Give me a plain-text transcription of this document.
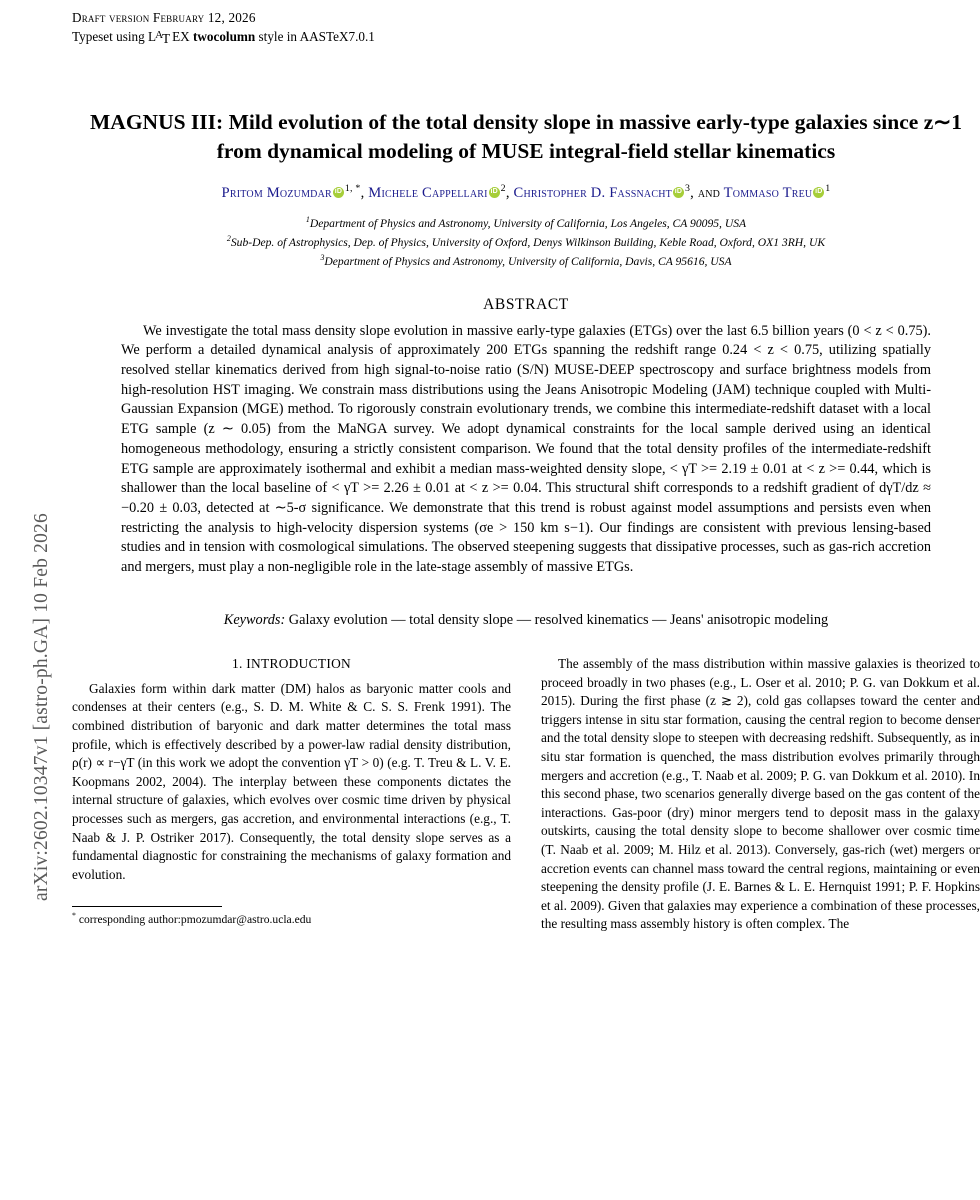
arXiv:2602.10347v1 [astro-ph.GA] 10 Feb 2026
Draft version February 12, 2026
Typeset using $L^AT$ EX twocolumn style in AASTeX7.0.1
MAGNUS III: Mild evolution of the total density slope in massive early-type galaxies since z∼1 from dynamical modeling of MUSE integral-field stellar kinematics
Pritom Mozumdar iD $^{1, *}$, Michele Cappellari iD $^2$, Christopher D. Fassnacht iD $^3$, and Tommaso Treu iD $^1$
$^1$Department of Physics and Astronomy, University of California, Los Angeles, CA 90095, USA
$^2$Sub-Dep. of Astrophysics, Dep. of Physics, University of Oxford, Denys Wilkinson Building, Keble Road, Oxford, OX1 3RH, UK
$^3$Department of Physics and Astronomy, University of California, Davis, CA 95616, USA
ABSTRACT

We investigate the total mass density slope evolution in massive early-type galaxies (ETGs) over the last 6.5 billion years (0 < z < 0.75). We perform a detailed dynamical analysis of approximately 200 ETGs spanning the redshift range 0.24 < z < 0.75, utilizing spatially resolved stellar kinematics derived from high signal-to-noise ratio (S/N) MUSE-DEEP spectroscopy and surface brightness models from high-resolution HST imaging. We constrain mass distributions using the Jeans Anisotropic Modeling (JAM) technique coupled with Multi-Gaussian Expansion (MGE) method. To rigorously constrain evolutionary trends, we combine this intermediate-redshift dataset with a local ETG sample (z ∼ 0.05) from the MaNGA survey. We adopt dynamical constraints for the local sample derived using an identical homogeneous methodology, ensuring a strictly consistent comparison. We found that the total density profiles of the intermediate-redshift ETG sample are approximately isothermal and exhibit a median mass-weighted density slope, < γT >= 2.19 ± 0.01 at < z >= 0.44, which is shallower than the local baseline of < γT >= 2.26 ± 0.01 at < z >= 0.04. This structural shift corresponds to a redshift gradient of dγT/dz ≈ −0.20 ± 0.03, detected at ∼5-σ significance. We demonstrate that this trend is robust against model assumptions and persists even when restricting the analysis to high-velocity dispersion systems (σe > 150 km s−1). Our findings are consistent with previous lensing-based studies and in tension with cosmological simulations. The observed steepening suggests that dissipative processes, such as gas-rich accretion and mergers, must play a non-negligible role in the late-stage assembly of massive ETGs.

Keywords: Galaxy evolution — total density slope — resolved kinematics — Jeans' anisotropic modeling
1. INTRODUCTION

Galaxies form within dark matter (DM) halos as baryonic matter cools and condenses at their centers (e.g., S. D. M. White & C. S. S. Frenk 1991). The combined distribution of baryonic and dark matter determines the total mass profile, which is effectively described by a power-law radial density distribution, ρ(r) ∝ r−γT (in this work we adopt the convention γT > 0) (e.g. T. Treu & L. V. E. Koopmans 2002, 2004). The interplay between these components dictates the internal structure of galaxies, which evolves over cosmic time driven by physical processes such as mergers, gas accretion, and environmental interactions (e.g., T. Naab & J. P. Ostriker 2017). Consequently, the total density slope serves as a fundamental diagnostic for constraining the mechanisms of galaxy formation and evolution.

* corresponding author:pmozumdar@astro.ucla.edu

The assembly of the mass distribution within massive galaxies is theorized to proceed broadly in two phases (e.g., L. Oser et al. 2010; P. G. van Dokkum et al. 2015). During the first phase (z ≳ 2), cold gas collapses toward the center and triggers intense in situ star formation, causing the central region to become denser and the total density slope to steepen with decreasing redshift. Subsequently, as in situ star formation is quenched, the mass distribution evolves primarily through mergers and accretion (e.g., T. Naab et al. 2009; P. G. van Dokkum et al. 2010). In this second phase, two scenarios generally diverge based on the gas content of the interactions. Gas-poor (dry) minor mergers tend to deposit mass in the galaxy outskirts, causing the total density slope to become shallower over cosmic time (T. Naab et al. 2009; M. Hilz et al. 2013). Conversely, gas-rich (wet) mergers or accretion events can channel mass toward the central regions, maintaining or even steepening the density profile (J. E. Barnes & L. E. Hernquist 1991; P. F. Hopkins et al. 2009). Given that galaxies may experience a combination of these processes, the resulting mass assembly history is often complex. The
